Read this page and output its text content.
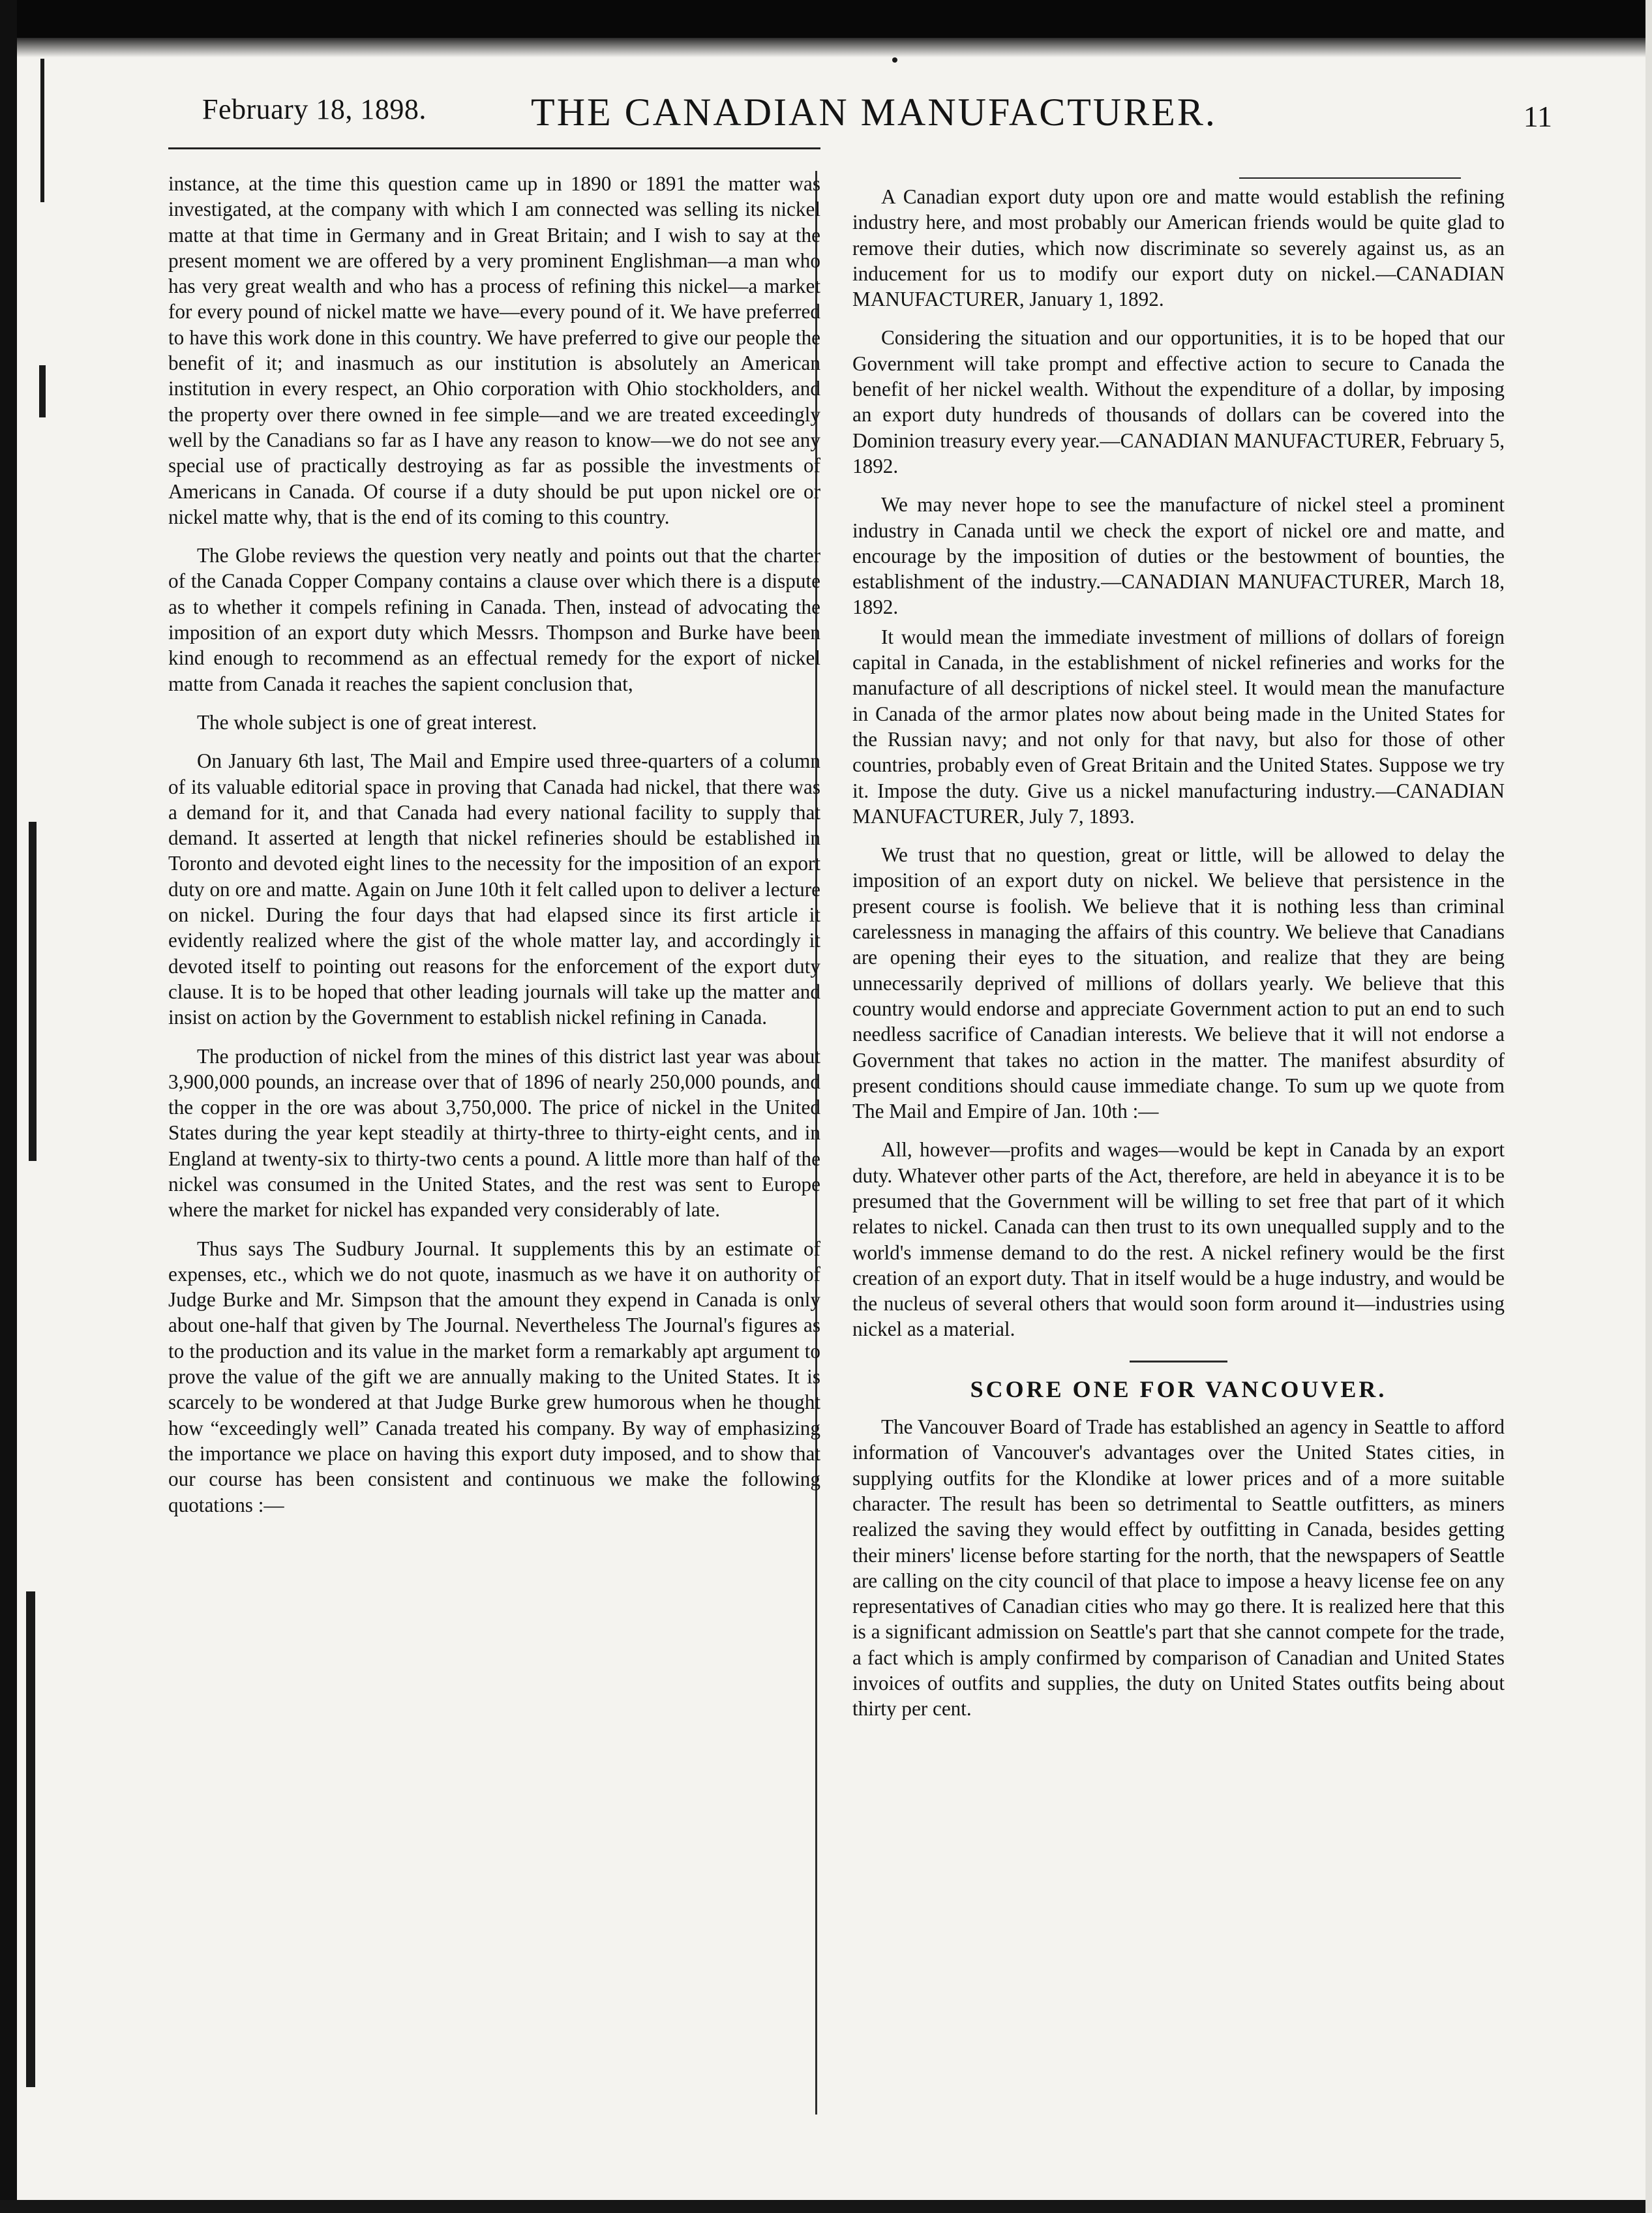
February 18, 1898.	THE CANADIAN MANUFACTURER.	11

instance, at the time this question came up in 1890 or 1891 the matter was investigated, at the company with which I am connected was selling its nickel matte at that time in Germany and in Great Britain; and I wish to say at the present moment we are offered by a very prominent Englishman—a man who has very great wealth and who has a process of refining this nickel—a market for every pound of nickel matte we have—every pound of it. We have preferred to have this work done in this country. We have preferred to give our people the benefit of it; and inasmuch as our institution is absolutely an American institution in every respect, an Ohio corporation with Ohio stockholders, and the property over there owned in fee simple—and we are treated exceedingly well by the Canadians so far as I have any reason to know—we do not see any special use of practically destroying as far as possible the investments of Americans in Canada. Of course if a duty should be put upon nickel ore or nickel matte why, that is the end of its coming to this country.

The Globe reviews the question very neatly and points out that the charter of the Canada Copper Company contains a clause over which there is a dispute as to whether it compels refining in Canada. Then, instead of advocating the imposition of an export duty which Messrs. Thompson and Burke have been kind enough to recommend as an effectual remedy for the export of nickel matte from Canada it reaches the sapient conclusion that,

The whole subject is one of great interest.

On January 6th last, The Mail and Empire used three-quarters of a column of its valuable editorial space in proving that Canada had nickel, that there was a demand for it, and that Canada had every national facility to supply that demand. It asserted at length that nickel refineries should be established in Toronto and devoted eight lines to the necessity for the imposition of an export duty on ore and matte. Again on June 10th it felt called upon to deliver a lecture on nickel. During the four days that had elapsed since its first article it evidently realized where the gist of the whole matter lay, and accordingly it devoted itself to pointing out reasons for the enforcement of the export duty clause. It is to be hoped that other leading journals will take up the matter and insist on action by the Government to establish nickel refining in Canada.

The production of nickel from the mines of this district last year was about 3,900,000 pounds, an increase over that of 1896 of nearly 250,000 pounds, and the copper in the ore was about 3,750,000. The price of nickel in the United States during the year kept steadily at thirty-three to thirty-eight cents, and in England at twenty-six to thirty-two cents a pound. A little more than half of the nickel was consumed in the United States, and the rest was sent to Europe where the market for nickel has expanded very considerably of late.

Thus says The Sudbury Journal. It supplements this by an estimate of expenses, etc., which we do not quote, inasmuch as we have it on authority of Judge Burke and Mr. Simpson that the amount they expend in Canada is only about one-half that given by The Journal. Nevertheless The Journal's figures as to the production and its value in the market form a remarkably apt argument to prove the value of the gift we are annually making to the United States. It is scarcely to be wondered at that Judge Burke grew humorous when he thought how “exceedingly well” Canada treated his company. By way of emphasizing the importance we place on having this export duty imposed, and to show that our course has been consistent and continuous we make the following quotations :—

A Canadian export duty upon ore and matte would establish the refining industry here, and most probably our American friends would be quite glad to remove their duties, which now discriminate so severely against us, as an inducement for us to modify our export duty on nickel.—CANADIAN MANUFACTURER, January 1, 1892.

Considering the situation and our opportunities, it is to be hoped that our Government will take prompt and effective action to secure to Canada the benefit of her nickel wealth. Without the expenditure of a dollar, by imposing an export duty hundreds of thousands of dollars can be covered into the Dominion treasury every year.—CANADIAN MANUFACTURER, February 5, 1892.

We may never hope to see the manufacture of nickel steel a prominent industry in Canada until we check the export of nickel ore and matte, and encourage by the imposition of duties or the bestowment of bounties, the establishment of the industry.—CANADIAN MANUFACTURER, March 18, 1892.

It would mean the immediate investment of millions of dollars of foreign capital in Canada, in the establishment of nickel refineries and works for the manufacture of all descriptions of nickel steel. It would mean the manufacture in Canada of the armor plates now about being made in the United States for the Russian navy; and not only for that navy, but also for those of other countries, probably even of Great Britain and the United States. Suppose we try it. Impose the duty. Give us a nickel manufacturing industry.—CANADIAN MANUFACTURER, July 7, 1893.

We trust that no question, great or little, will be allowed to delay the imposition of an export duty on nickel. We believe that persistence in the present course is foolish. We believe that it is nothing less than criminal carelessness in managing the affairs of this country. We believe that Canadians are opening their eyes to the situation, and realize that they are being unnecessarily deprived of millions of dollars yearly. We believe that this country would endorse and appreciate Government action to put an end to such needless sacrifice of Canadian interests. We believe that it will not endorse a Government that takes no action in the matter. The manifest absurdity of present conditions should cause immediate change. To sum up we quote from The Mail and Empire of Jan. 10th :—

All, however—profits and wages—would be kept in Canada by an export duty. Whatever other parts of the Act, therefore, are held in abeyance it is to be presumed that the Government will be willing to set free that part of it which relates to nickel. Canada can then trust to its own unequalled supply and to the world's immense demand to do the rest. A nickel refinery would be the first creation of an export duty. That in itself would be a huge industry, and would be the nucleus of several others that would soon form around it—industries using nickel as a material.

SCORE ONE FOR VANCOUVER.

The Vancouver Board of Trade has established an agency in Seattle to afford information of Vancouver's advantages over the United States cities, in supplying outfits for the Klondike at lower prices and of a more suitable character. The result has been so detrimental to Seattle outfitters, as miners realized the saving they would effect by outfitting in Canada, besides getting their miners' license before starting for the north, that the newspapers of Seattle are calling on the city council of that place to impose a heavy license fee on any representatives of Canadian cities who may go there. It is realized here that this is a significant admission on Seattle's part that she cannot compete for the trade, a fact which is amply confirmed by comparison of Canadian and United States invoices of outfits and supplies, the duty on United States outfits being about thirty per cent.
